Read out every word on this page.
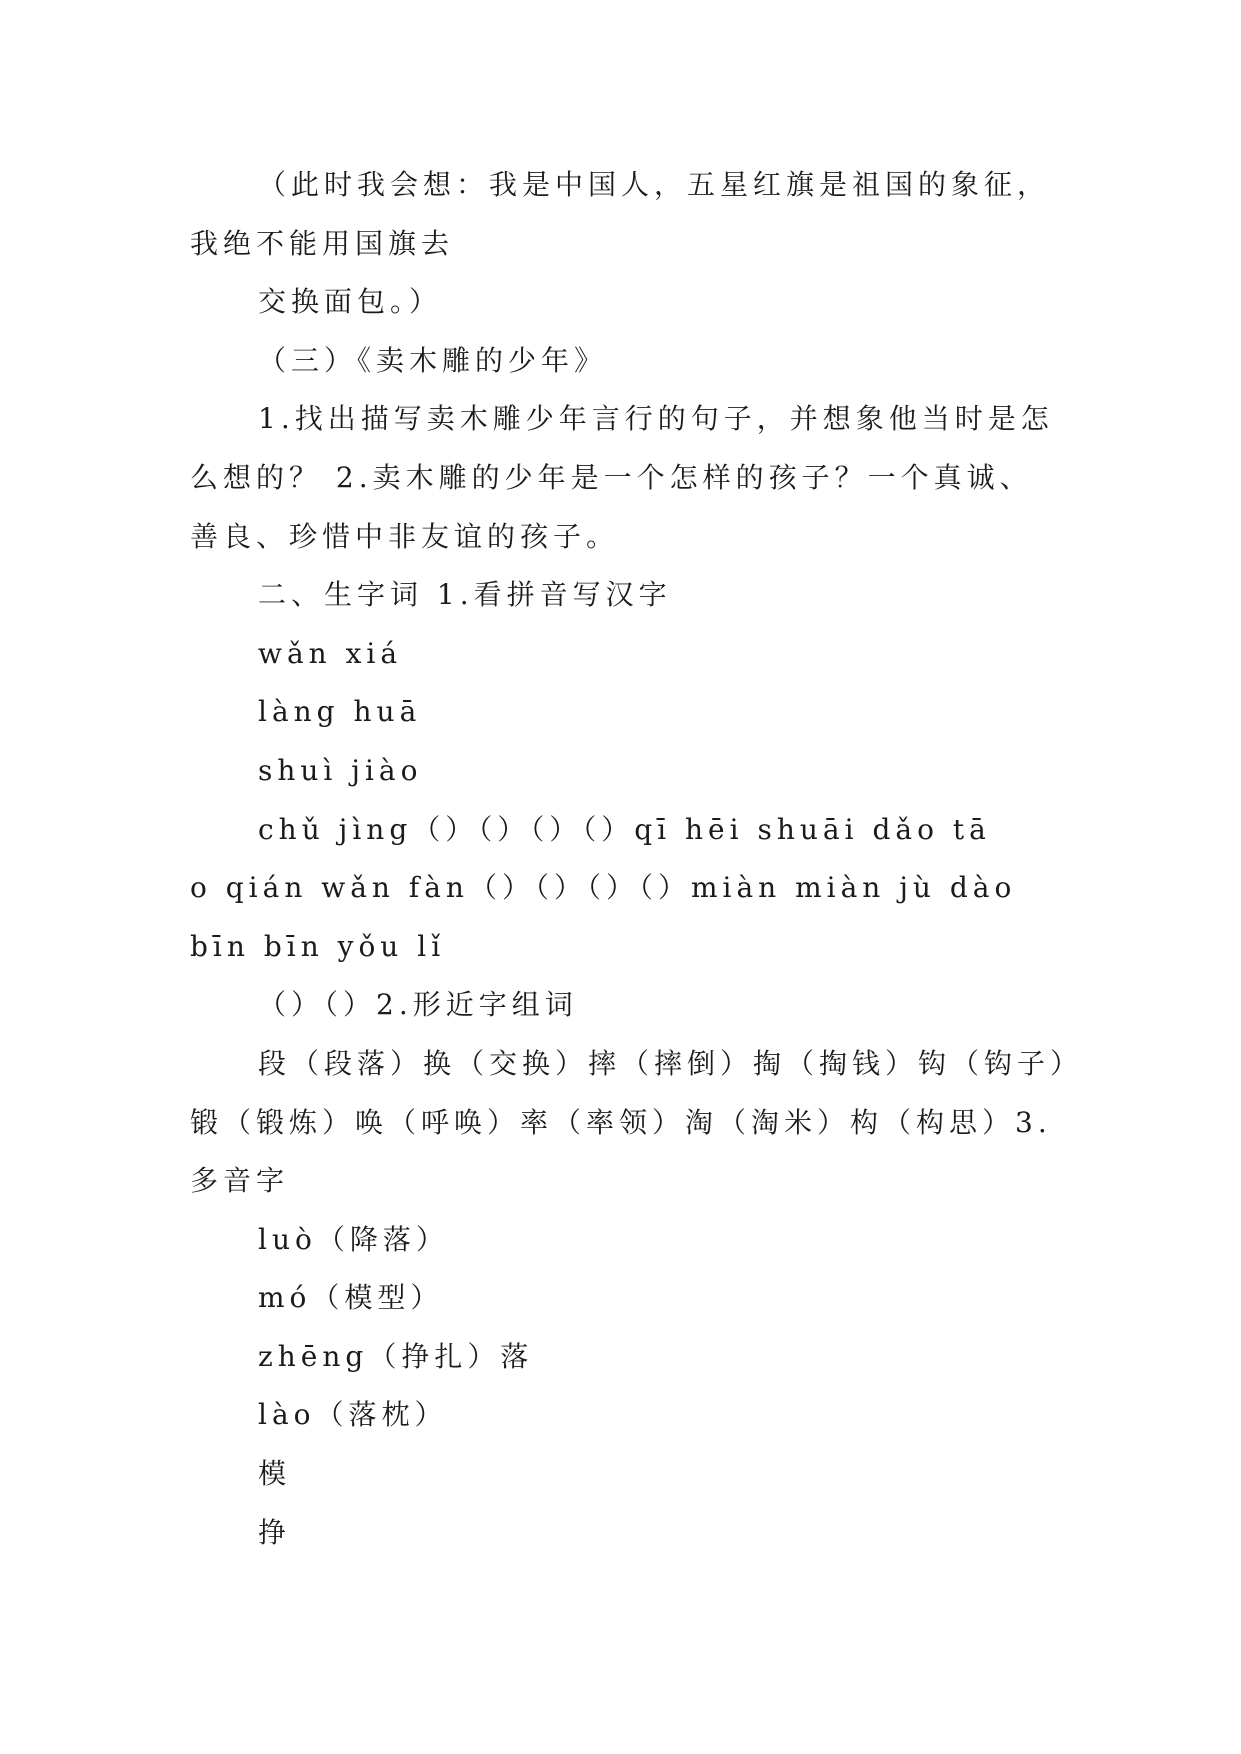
（此时我会想：我是中国人，五星红旗是祖国的象征，
我绝不能用国旗去
交换面包。）
（三）《卖木雕的少年》
1.找出描写卖木雕少年言行的句子，并想象他当时是怎
么想的？ 2.卖木雕的少年是一个怎样的孩子？一个真诚、
善良、珍惜中非友谊的孩子。
二、生字词 1.看拼音写汉字
wǎn xiá
làng huā
shuì jiào
chǔ jìng（）（）（）（）qī hēi shuāi dǎo tā
o qián wǎn fàn（）（）（）（）miàn miàn jù dào
bīn bīn yǒu lǐ
（）（）2.形近字组词
段（段落）换（交换）摔（摔倒）掏（掏钱）钩（钩子）
锻（锻炼）唤（呼唤）率（率领）淘（淘米）构（构思）3.
多音字
luò（降落）
mó（模型）
zhēng（挣扎）落
lào（落枕）
模
挣
